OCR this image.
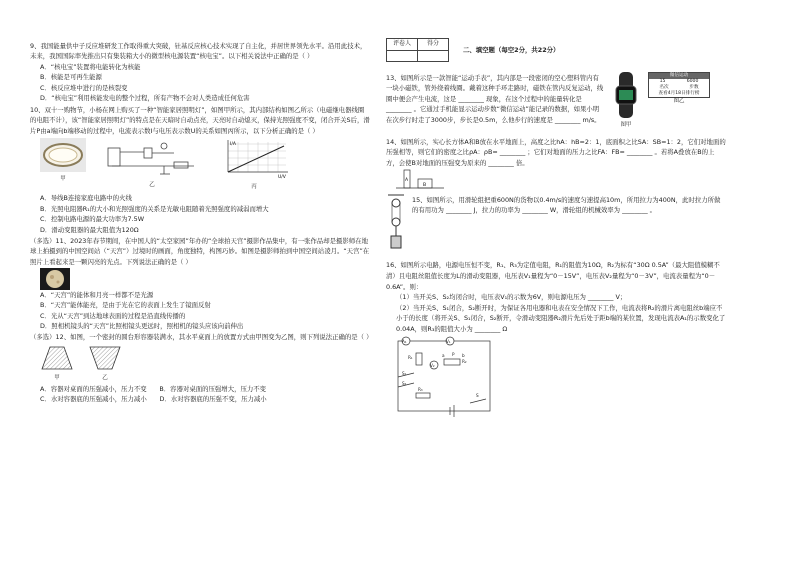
9、我国能量供中子反应堆研发工作取得重大突破，钍基反应核心技术实现了自主化，并居世界领先水平。沿用此技术，未来，我国国际率先推出只有集装箱大小的微型核电源装置“核电宝”。以下相关说法中正确的是（ ）

A．“核电宝”装置将电能转化为核能

B．核能是可再生能源

C．核反应堆中进行的是核裂变

D．“核电宝”利用核能发电的整个过程，所有产物不会对人类造成任何危害

10、双十一购物节，小杨在网上购买了一种“智能家居照明灯”，如图甲所示，其内部结构如图乙所示（电磁继电器线圈的电阻不计），该“智能家居照明灯”的特点是在天暗时自动点亮，天亮时自动熄灭，保持光照强度不变，闭合开关S后，滑片P由a端向b端移动的过程中，电流表示数I与电压表示数U的关系如图丙所示，以下分析正确的是（ ）

甲
乙
I/A
U/V
丙

A．导线B连接家庭电路中的火线

B．光照电阻器R₁的大小和光照强度的关系是光敏电阻随着光照强度的减弱而增大

C．控制电路电源的最大功率为7.5W

D．滑动变阻器的最大阻值为120Ω

（多选）11、2023年春节期间，在中国人的“太空家园”年办的“全球拍天宫”摄影作品集中，有一张作品却是摄影师在地球上拍摄到的中国空间站（“天宫”）过境时的画面，角度独特，构图巧妙。如图是摄影师拍到中国空间站凌月。“天宫”在照片上看起来是一颗闪亮的光点。下列说法正确的是（ ）

A．“天宫”的能体和月亮一样都不是光源

B．“天宫”能体能亮，是由于光在它的表面上发生了镜面反射

C．光从“天宫”到达地球表面的过程是沿直线传播的

D．照相机镜头的“天宫”比照相镜头更远时，照相机的镜头应该向前伸出

（多选）12、如图，一个密封的圆台形容器装满水，其水平桌面上的放置方式由甲图变为乙图，则下列说法正确的是（ ）

甲	乙

A．容器对桌面的压强减小，压力不变　　 B．容器对桌面的压强增大，压力不变

C．水对容器底的压强减小，压力减小　　 D．水对容器底的压强不变，压力减小

评卷人	得分

二、填空题（每空2分，共22分）

13、如图所示是一款智能“运动手表”，其内部是一段密闭的空心塑料管内有一块小磁铁，管外绕着线圈。戴着这种手环走路时，磁铁在管内反复运动，线圈中便会产生电流，这是 ________ 现象，在这个过程中的能量转化是 ________ 。它通过手机能显示运动步数“微信运动”能记录的数据，如果小明在次步行时走了3000步，步长是0.5m，么他步行的速度是 ________ m/s。

图甲
微信运动
15	6000
名次	步数
查看4月18日排行榜
图乙

14、如图所示，实心长方体A和B放在水平地面上，高度之比hA：hB=2：1，底面积之比SA：SB=1：2，它们对地面的压强相等，则它们的密度之比ρA：ρB= ________ ；它们对地面的压力之比FA：FB= ________ 。若将A叠放在B的上方，会使B对地面的压强变为原来的 ________ 倍。

A
B

15、如图所示，用滑轮组把重600N的货物以0.4m/s的速度匀速提高10m，所用拉力为400N，此时拉力所做的有用功为 ________ J，拉力的功率为 ________ W，滑轮组的机械效率为 ________ 。

16、如图所示电路，电源电压恒不变，R₁、R₃为定值电阻，R₁的阻值为10Ω，R₂为标有“30Ω 0.5A”（最大阻值模糊不清）且电阻丝阻值长度为L的滑动变阻器，电压表V₁量程为“0－15V”，电压表V₂量程为“0－3V”，电流表量程为“0－0.6A”。则：

（1）当开关S、S₂均闭合时，电压表V₁的示数为6V，则电源电压为 ________ V；

（2）当开关S、S₁闭合，S₂断开时，为保证各用电器和电表在安全情况下工作，电流表将R₂的滑片离电阻丝b端应不小于的长度（将开关S、S₁闭合，S₂断开，令滑动变阻器R₂滑片先后处于距b端的某位置，发现电流表A₁的示数变化了0.04A，则R₃的阻值大小为 ________ Ω

A₁	V₁
R₁
V₂
R₂
S₁
S₂
R₃
S
a	b
P
